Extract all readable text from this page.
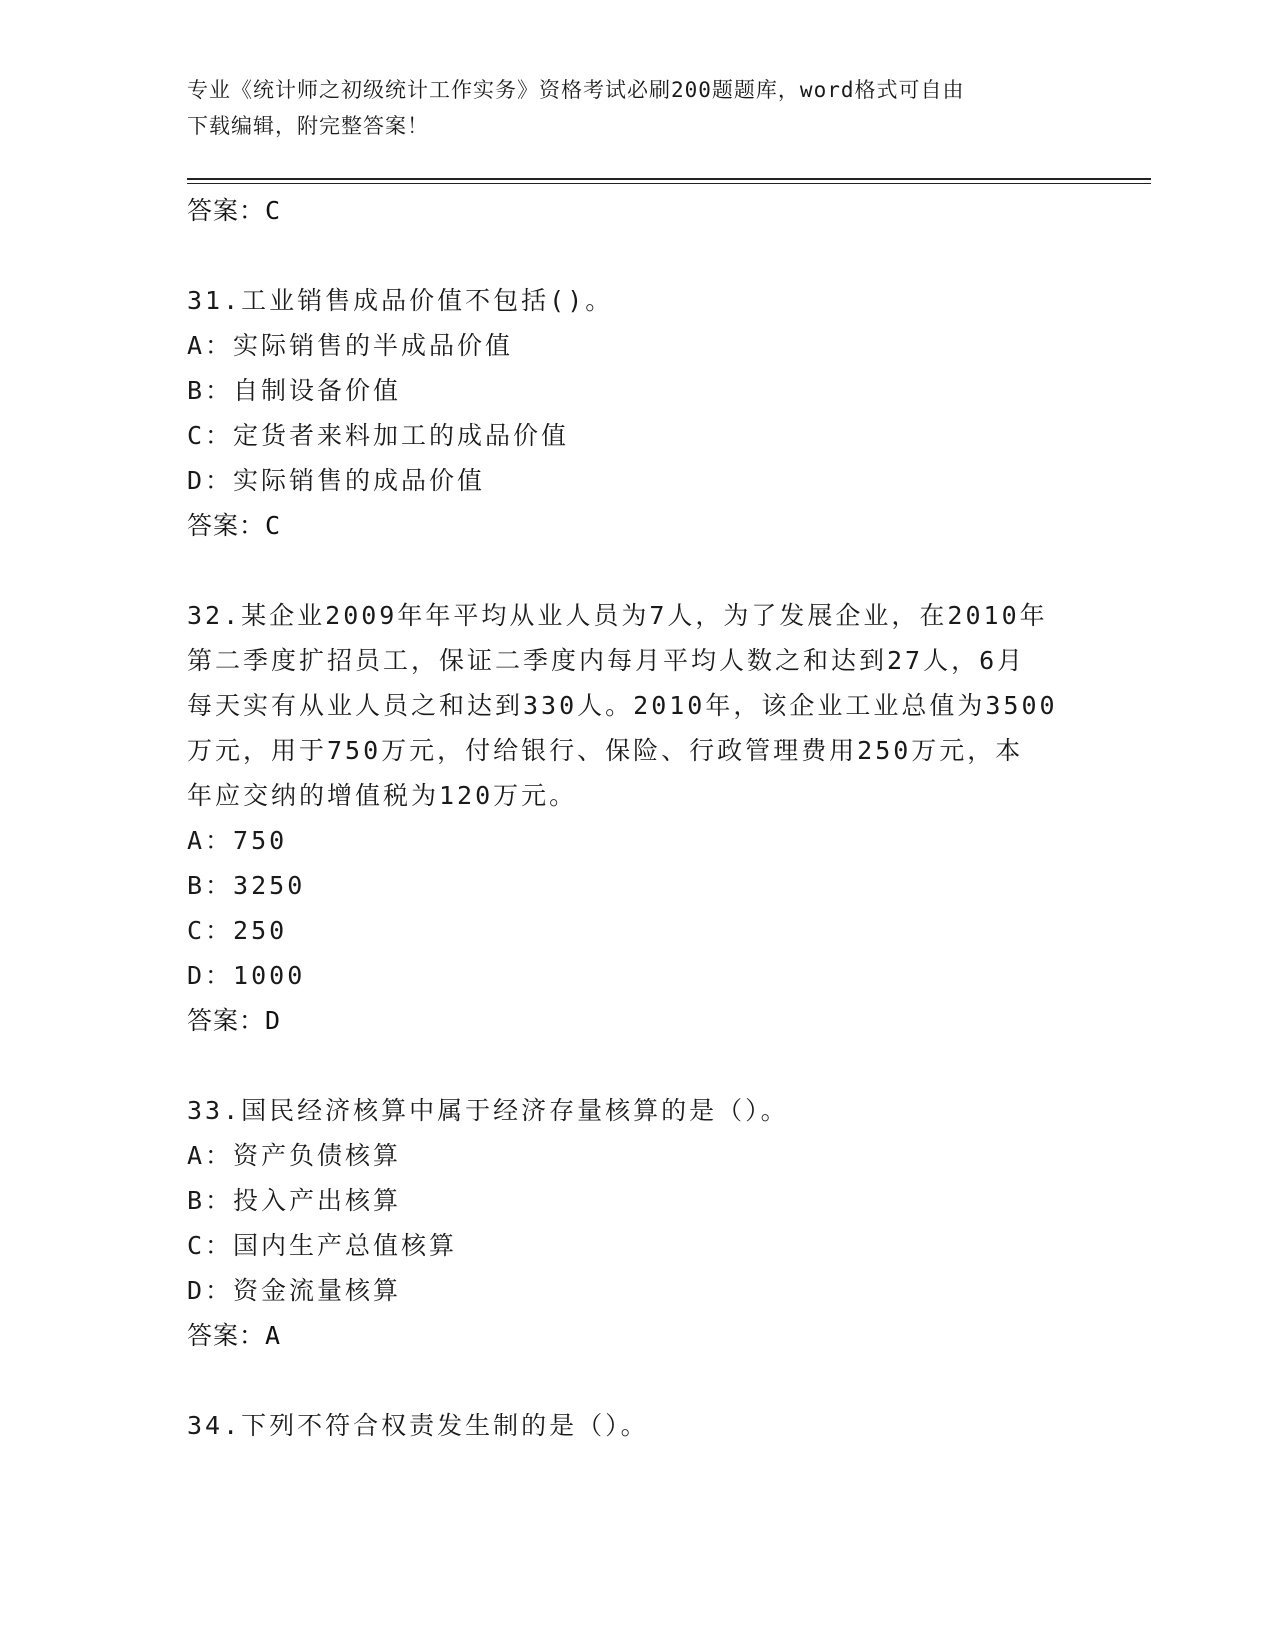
专业《统计师之初级统计工作实务》资格考试必刷200题题库，word格式可自由
下载编辑，附完整答案！
答案：C
31.工业销售成品价值不包括()。
A：实际销售的半成品价值
B：自制设备价值
C：定货者来料加工的成品价值
D：实际销售的成品价值
答案：C
32.某企业2009年年平均从业人员为7人，为了发展企业，在2010年
第二季度扩招员工，保证二季度内每月平均人数之和达到27人，6月
每天实有从业人员之和达到330人。2010年，该企业工业总值为3500
万元，用于750万元，付给银行、保险、行政管理费用250万元，本
年应交纳的增值税为120万元。
A：750
B：3250
C：250
D：1000
答案：D
33.国民经济核算中属于经济存量核算的是（）。
A：资产负债核算
B：投入产出核算
C：国内生产总值核算
D：资金流量核算
答案：A
34.下列不符合权责发生制的是（）。
